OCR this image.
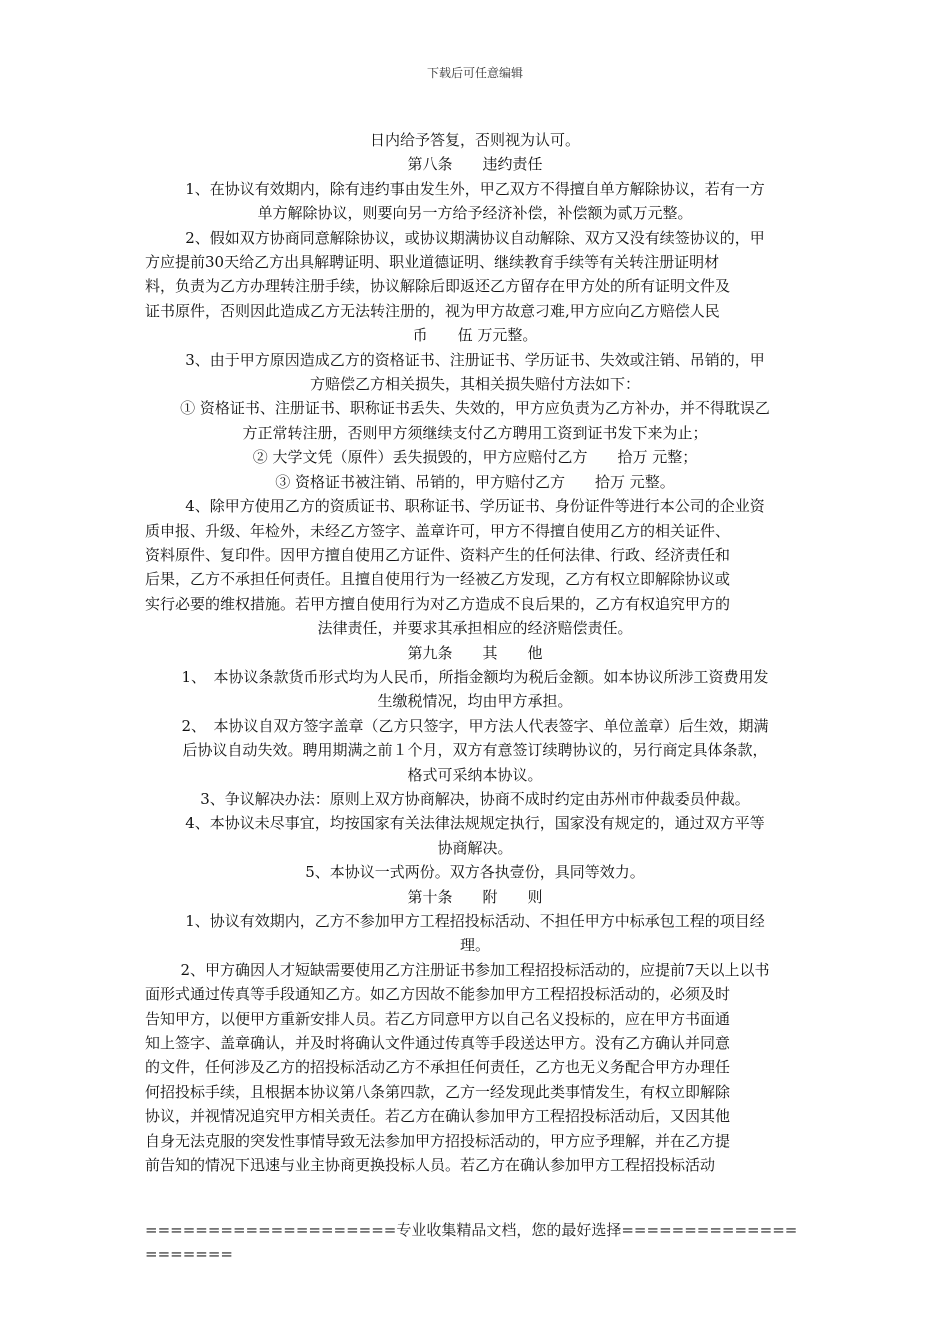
下载后可任意编辑

日内给予答复，否则视为认可。

第八条　　违约责任

1、在协议有效期内，除有违约事由发生外，甲乙双方不得擅自单方解除协议，若有一方

单方解除协议，则要向另一方给予经济补偿，补偿额为贰万元整。

2、假如双方协商同意解除协议，或协议期满协议自动解除、双方又没有续签协议的，甲

方应提前30天给乙方出具解聘证明、职业道德证明、继续教育手续等有关转注册证明材

料，负责为乙方办理转注册手续，协议解除后即返还乙方留存在甲方处的所有证明文件及

证书原件，否则因此造成乙方无法转注册的，视为甲方故意刁难,甲方应向乙方赔偿人民

币　　伍 万元整。

3、由于甲方原因造成乙方的资格证书、注册证书、学历证书、失效或注销、吊销的，甲

方赔偿乙方相关损失，其相关损失赔付方法如下：

① 资格证书、注册证书、职称证书丢失、失效的，甲方应负责为乙方补办，并不得耽误乙

方正常转注册，否则甲方须继续支付乙方聘用工资到证书发下来为止；

② 大学文凭（原件）丢失损毁的，甲方应赔付乙方　　拾万 元整；

③ 资格证书被注销、吊销的，甲方赔付乙方　　拾万 元整。

4、除甲方使用乙方的资质证书、职称证书、学历证书、身份证件等进行本公司的企业资

质申报、升级、年检外，未经乙方签字、盖章许可，甲方不得擅自使用乙方的相关证件、

资料原件、复印件。因甲方擅自使用乙方证件、资料产生的任何法律、行政、经济责任和

后果，乙方不承担任何责任。且擅自使用行为一经被乙方发现，乙方有权立即解除协议或

实行必要的维权措施。若甲方擅自使用行为对乙方造成不良后果的，乙方有权追究甲方的

法律责任，并要求其承担相应的经济赔偿责任。

第九条　　其　　他

1、　本协议条款货币形式均为人民币，所指金额均为税后金额。如本协议所涉工资费用发

生缴税情况，均由甲方承担。

2、　本协议自双方签字盖章（乙方只签字，甲方法人代表签字、单位盖章）后生效，期满

后协议自动失效。聘用期满之前１个月，双方有意签订续聘协议的，另行商定具体条款，

格式可采纳本协议。

3、争议解决办法：原则上双方协商解决，协商不成时约定由苏州市仲裁委员仲裁。

4、本协议未尽事宜，均按国家有关法律法规规定执行，国家没有规定的，通过双方平等

协商解决。

5、本协议一式两份。双方各执壹份，具同等效力。

第十条　　附　　则

1、协议有效期内，乙方不参加甲方工程招投标活动、不担任甲方中标承包工程的项目经

理。

2、甲方确因人才短缺需要使用乙方注册证书参加工程招投标活动的，应提前7天以上以书

面形式通过传真等手段通知乙方。如乙方因故不能参加甲方工程招投标活动的，必须及时

告知甲方，以便甲方重新安排人员。若乙方同意甲方以自己名义投标的，应在甲方书面通

知上签字、盖章确认，并及时将确认文件通过传真等手段送达甲方。没有乙方确认并同意

的文件，任何涉及乙方的招投标活动乙方不承担任何责任，乙方也无义务配合甲方办理任

何招投标手续，且根据本协议第八条第四款，乙方一经发现此类事情发生，有权立即解除

协议，并视情况追究甲方相关责任。若乙方在确认参加甲方工程招投标活动后，又因其他

自身无法克服的突发性事情导致无法参加甲方招投标活动的，甲方应予理解，并在乙方提

前告知的情况下迅速与业主协商更换投标人员。若乙方在确认参加甲方工程招投标活动

====================专业收集精品文档，您的最好选择=====================
